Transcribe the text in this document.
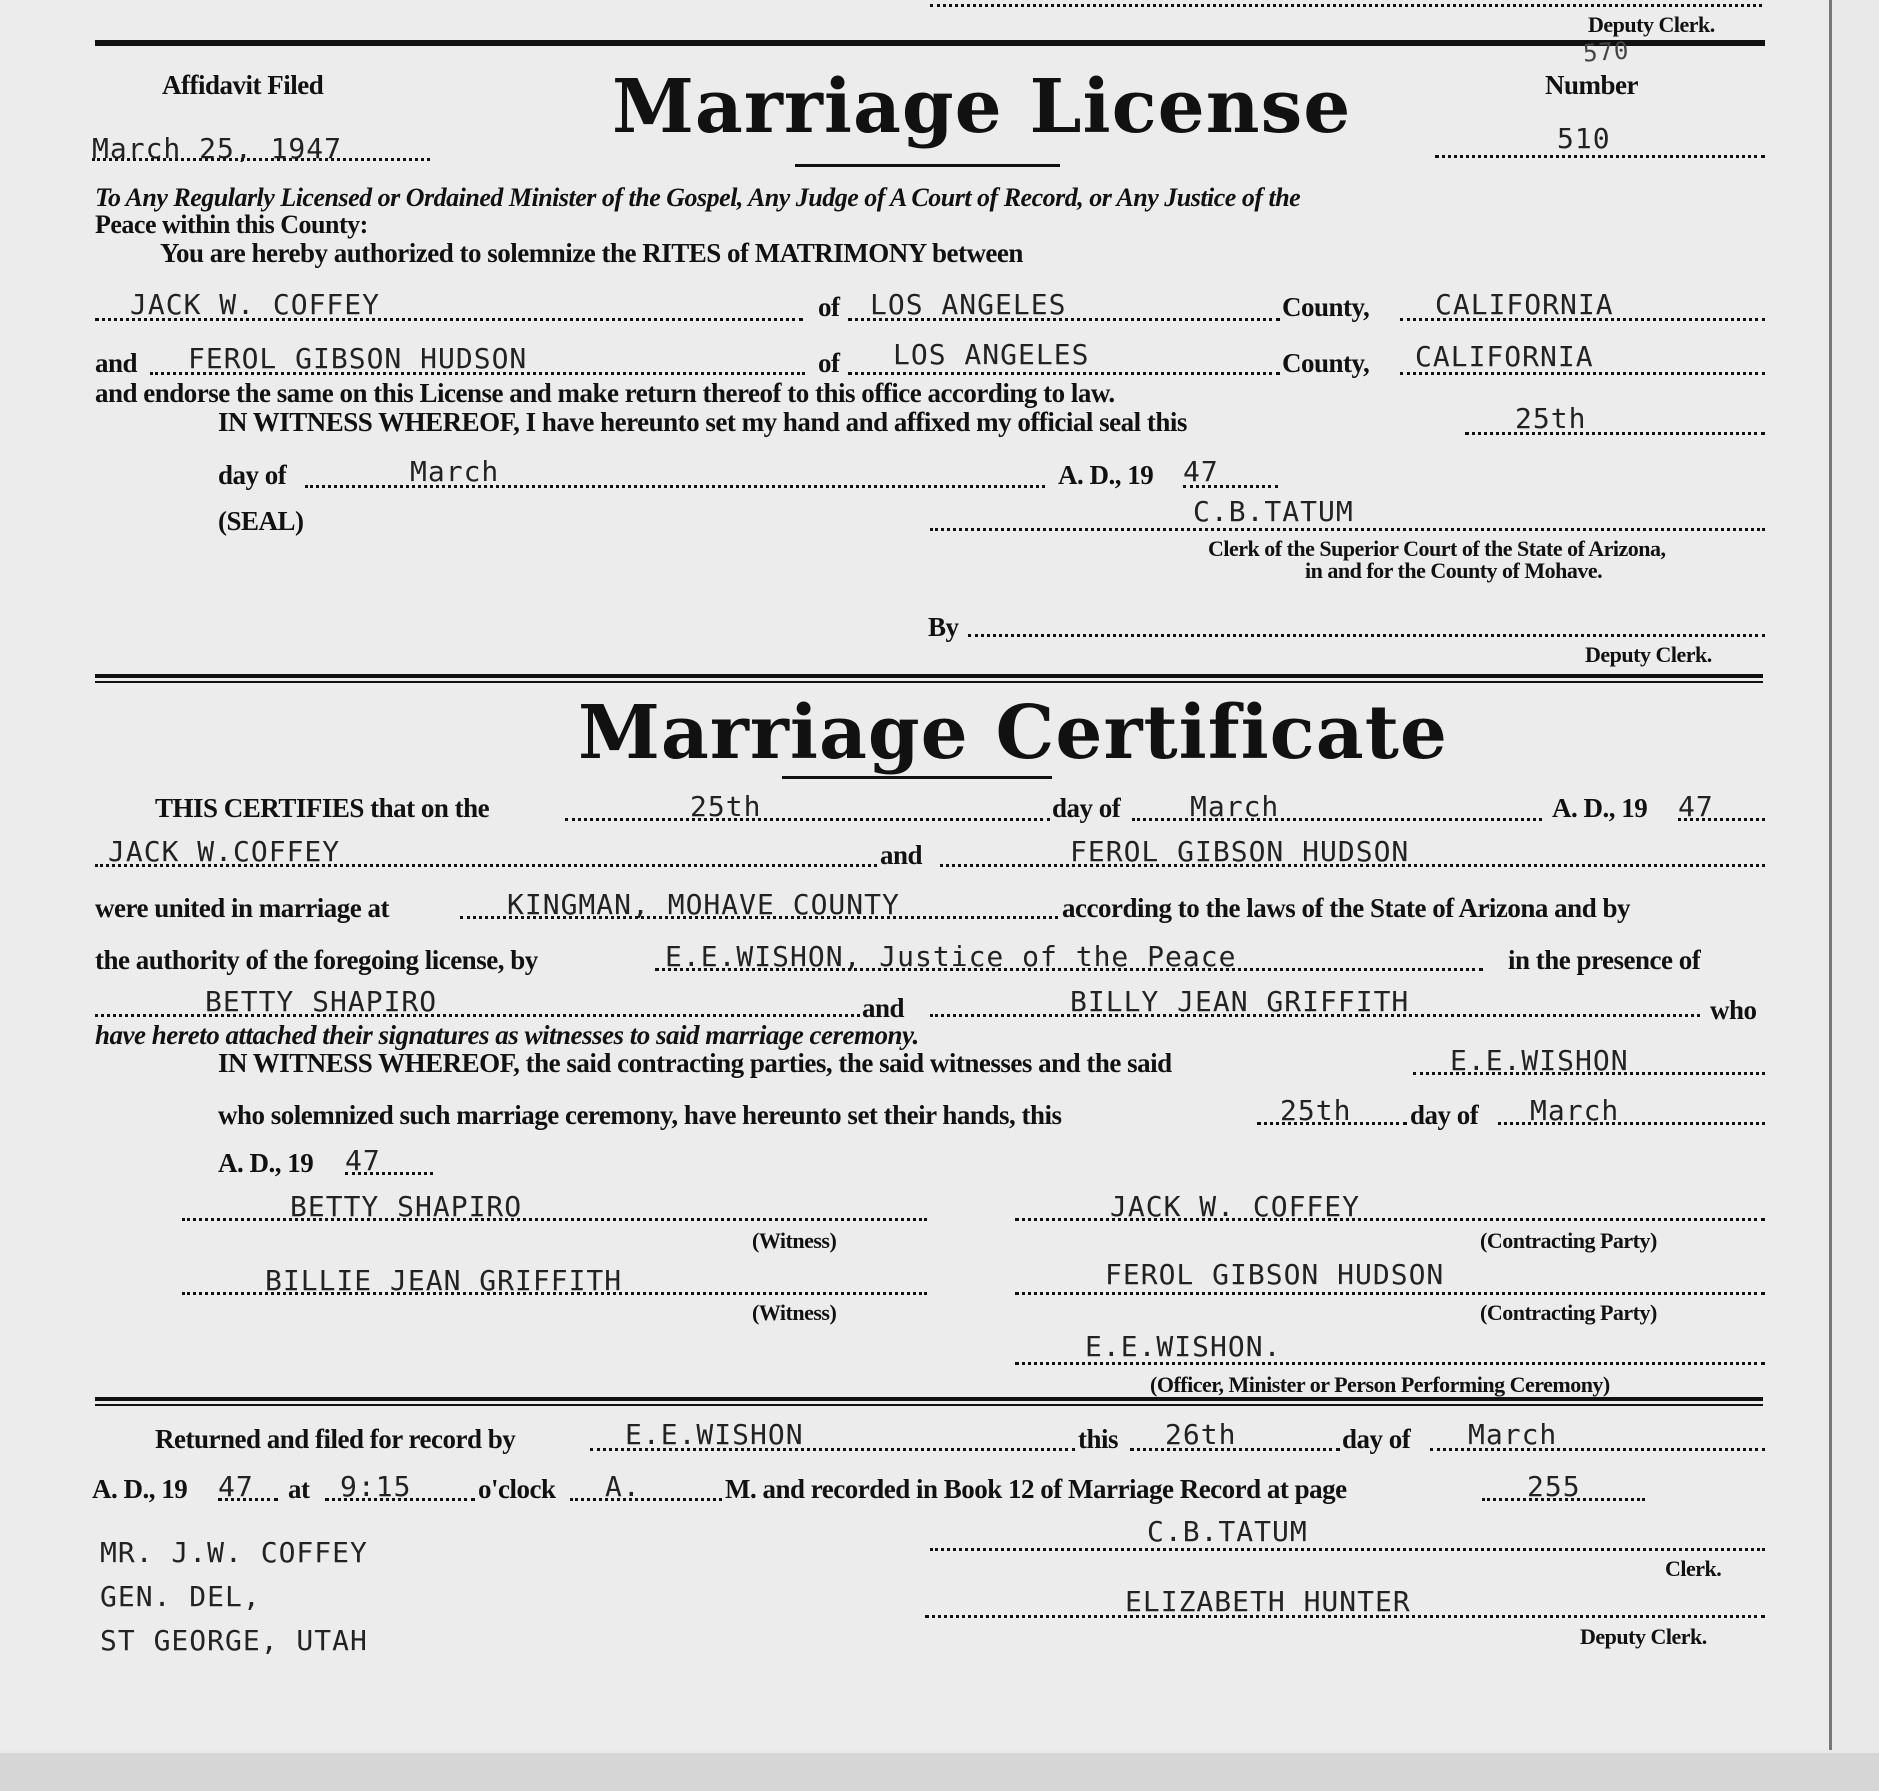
Deputy Clerk.
570
Affidavit Filed
March 25, 1947	Marriage License	Number
510
To Any Regularly Licensed or Ordained Minister of the Gospel, Any Judge of A Court of Record, or Any Justice of the
Peace within this County:
You are hereby authorized to solemnize the RITES of MATRIMONY between
JACK W. COFFEY	of LOS ANGELES	County, CALIFORNIA
and FEROL GIBSON HUDSON	of LOS ANGELES	County, CALIFORNIA
and endorse the same on this License and make return thereof to this office according to law.
IN WITNESS WHEREOF, I have hereunto set my hand and affixed my official seal this	25th
day of	March	A. D., 19 47
(SEAL)	C.B.TATUM
Clerk of the Superior Court of the State of Arizona,
in and for the County of Mohave.
By
Deputy Clerk.
Marriage Certificate
THIS CERTIFIES that on the	25th	day of March	A. D., 19 47
JACK W.COFFEY	and	FEROL GIBSON HUDSON
were united in marriage at	KINGMAN, MOHAVE COUNTY	according to the laws of the State of Arizona and by
the authority of the foregoing license, by	E.E.WISHON, Justice of the Peace	in the presence of
BETTY SHAPIRO	and	BILLY JEAN GRIFFITH	who
have hereto attached their signatures as witnesses to said marriage ceremony.
IN WITNESS WHEREOF, the said contracting parties, the said witnesses and the said	E.E.WISHON
who solemnized such marriage ceremony, have hereunto set their hands, this	25th day of March
A. D., 19 47
BETTY SHAPIRO
(Witness)
JACK W. COFFEY
(Contracting Party)
BILLIE JEAN GRIFFITH
(Witness)
FEROL GIBSON HUDSON
(Contracting Party)
E.E.WISHON.
(Officer, Minister or Person Performing Ceremony)
Returned and filed for record by	E.E.WISHON	this 26th	day of March
A. D., 19 47 at 9:15 o'clock A.	M. and recorded in Book 12 of Marriage Record at page	255
C.B.TATUM
Clerk.
ELIZABETH HUNTER
Deputy Clerk.
MR. J.W. COFFEY
GEN. DEL,
ST GEORGE, UTAH
